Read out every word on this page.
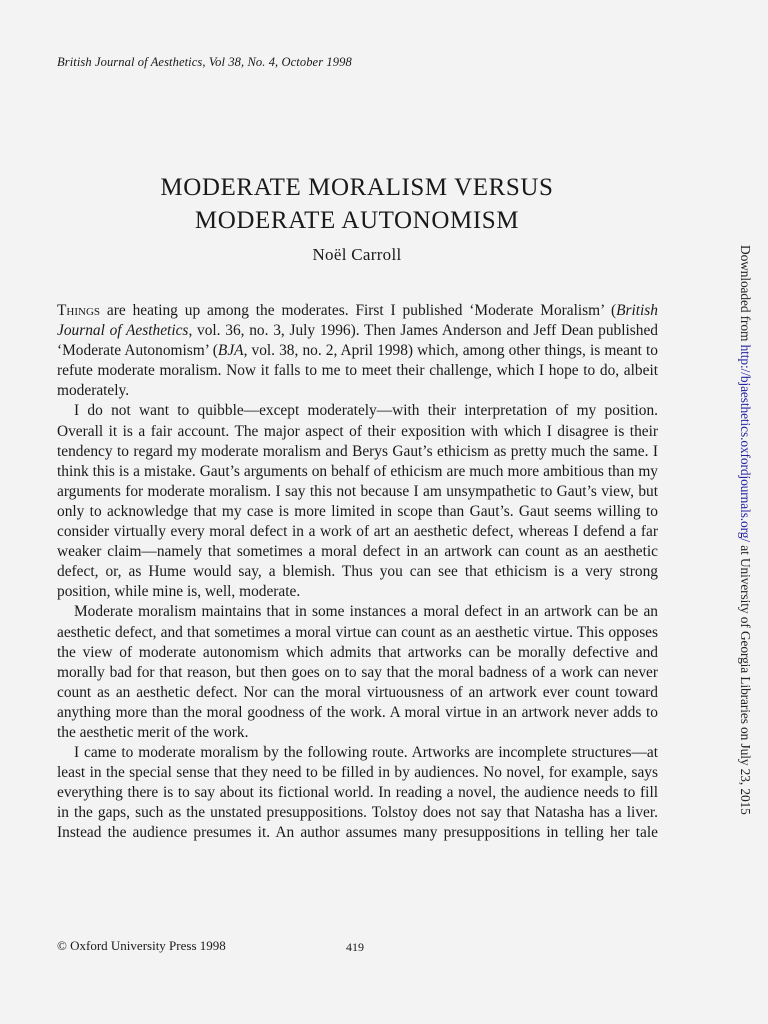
British Journal of Aesthetics, Vol 38, No. 4, October 1998
MODERATE MORALISM VERSUS
MODERATE AUTONOMISM
Noël Carroll

Things are heating up among the moderates. First I published ‘Moderate Moralism’ (British Journal of Aesthetics, vol. 36, no. 3, July 1996). Then James Anderson and Jeff Dean published ‘Moderate Autonomism’ (BJA, vol. 38, no. 2, April 1998) which, among other things, is meant to refute moderate moralism. Now it falls to me to meet their challenge, which I hope to do, albeit moderately.

I do not want to quibble—except moderately—with their interpretation of my position. Overall it is a fair account. The major aspect of their exposition with which I disagree is their tendency to regard my moderate moralism and Berys Gaut’s ethicism as pretty much the same. I think this is a mistake. Gaut’s arguments on behalf of ethicism are much more ambitious than my arguments for moderate moralism. I say this not because I am unsympathetic to Gaut’s view, but only to acknowledge that my case is more limited in scope than Gaut’s. Gaut seems willing to consider virtually every moral defect in a work of art an aesthetic defect, whereas I defend a far weaker claim—namely that sometimes a moral defect in an artwork can count as an aesthetic defect, or, as Hume would say, a blemish. Thus you can see that ethicism is a very strong position, while mine is, well, moderate.

Moderate moralism maintains that in some instances a moral defect in an artwork can be an aesthetic defect, and that sometimes a moral virtue can count as an aesthetic virtue. This opposes the view of moderate autonomism which admits that artworks can be morally defective and morally bad for that reason, but then goes on to say that the moral badness of a work can never count as an aesthetic defect. Nor can the moral virtuousness of an artwork ever count toward anything more than the moral goodness of the work. A moral virtue in an artwork never adds to the aesthetic merit of the work.

I came to moderate moralism by the following route. Artworks are incomplete structures—at least in the special sense that they need to be filled in by audiences. No novel, for example, says everything there is to say about its fictional world. In reading a novel, the audience needs to fill in the gaps, such as the unstated presuppositions. Tolstoy does not say that Natasha has a liver. Instead the audience presumes it. An author assumes many presuppositions in telling her tale

© Oxford University Press 1998	419
Downloaded from http://bjaesthetics.oxfordjournals.org/ at University of Georgia Libraries on July 23, 2015
